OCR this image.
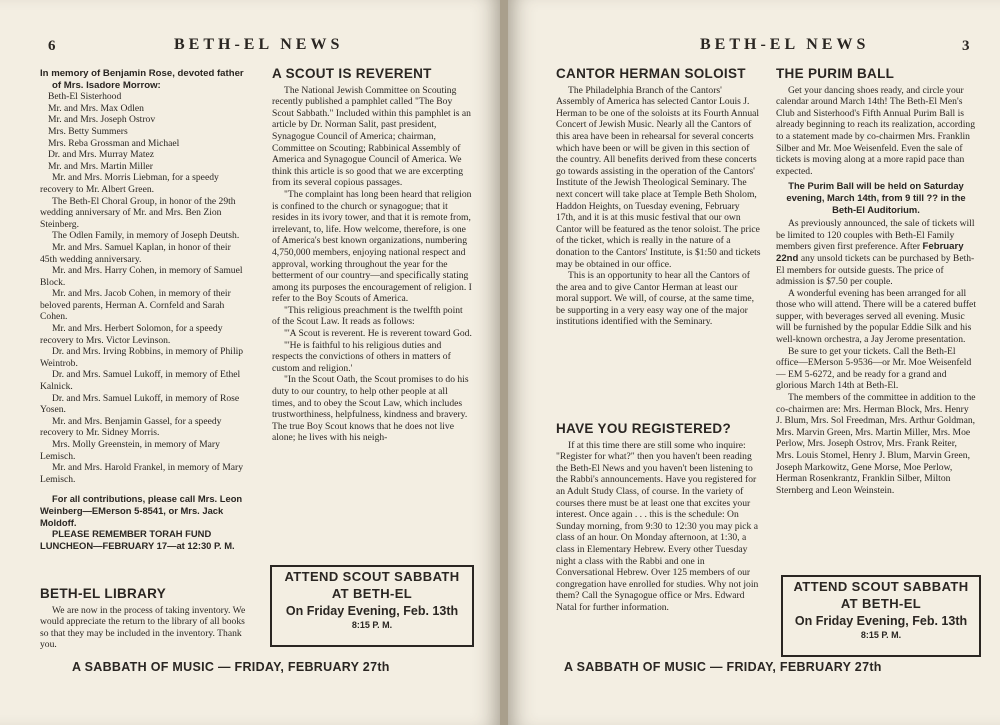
6	BETH-EL NEWS

In memory of Benjamin Rose, devoted father of Mrs. Isadore Morrow:

Beth-El Sisterhood

Mr. and Mrs. Max Odlen

Mr. and Mrs. Joseph Ostrov

Mrs. Betty Summers

Mrs. Reba Grossman and Michael

Dr. and Mrs. Murray Matez

Mr. and Mrs. Martin Miller

Mr. and Mrs. Morris Liebman, for a speedy recovery to Mr. Albert Green.

The Beth-El Choral Group, in honor of the 29th wedding anniversary of Mr. and Mrs. Ben Zion Steinberg.

The Odlen Family, in memory of Joseph Deutsh.

Mr. and Mrs. Samuel Kaplan, in honor of their 45th wedding anniversary.

Mr. and Mrs. Harry Cohen, in memory of Samuel Block.

Mr. and Mrs. Jacob Cohen, in memory of their beloved parents, Herman A. Cornfeld and Sarah Cohen.

Mr. and Mrs. Herbert Solomon, for a speedy recovery to Mrs. Victor Levinson.

Dr. and Mrs. Irving Robbins, in memory of Philip Weintrob.

Dr. and Mrs. Samuel Lukoff, in memory of Ethel Kalnick.

Dr. and Mrs. Samuel Lukoff, in memory of Rose Yosen.

Mr. and Mrs. Benjamin Gassel, for a speedy recovery to Mr. Sidney Morris.

Mrs. Molly Greenstein, in memory of Mary Lemisch.

Mr. and Mrs. Harold Frankel, in memory of Mary Lemisch.

For all contributions, please call Mrs. Leon Weinberg—EMerson 5-8541, or Mrs. Jack Moldoff.

PLEASE REMEMBER TORAH FUND LUNCHEON—FEBRUARY 17—at 12:30 P. M.

BETH-EL LIBRARY

We are now in the process of taking inventory. We would appreciate the return to the library of all books so that they may be included in the inventory. Thank you.

A SCOUT IS REVERENT

The National Jewish Committee on Scouting recently published a pamphlet called "The Boy Scout Sabbath." Included within this pamphlet is an article by Dr. Norman Salit, past president, Synagogue Council of America; chairman, Committee on Scouting; Rabbinical Assembly of America and Synagogue Council of America. We think this article is so good that we are excerpting from its several copious passages.

"The complaint has long been heard that religion is confined to the church or synagogue; that it resides in its ivory tower, and that it is remote from, irrelevant, to, life. How welcome, therefore, is one of America's best known organizations, numbering 4,750,000 members, enjoying national respect and approval, working throughout the year for the betterment of our country—and specifically stating among its purposes the encouragement of religion. I refer to the Boy Scouts of America.

"This religious preachment is the twelfth point of the Scout Law. It reads as follows:

"'A Scout is reverent. He is reverent toward God.

"'He is faithful to his religious duties and respects the convictions of others in matters of custom and religion.'

"In the Scout Oath, the Scout promises to do his duty to our country, to help other people at all times, and to obey the Scout Law, which includes trustworthiness, helpfulness, kindness and bravery. The true Boy Scout knows that he does not live alone; he lives with his neigh-

ATTEND SCOUT SABBATH
AT BETH-EL
On Friday Evening, Feb. 13th
8:15 P. M.
A SABBATH OF MUSIC — FRIDAY, FEBRUARY 27th
BETH-EL NEWS	3
CANTOR HERMAN SOLOIST

The Philadelphia Branch of the Cantors' Assembly of America has selected Cantor Louis J. Herman to be one of the soloists at its Fourth Annual Concert of Jewish Music. Nearly all the Cantors of this area have been in rehearsal for several concerts which have been or will be given in this section of the country. All benefits derived from these concerts go towards assisting in the operation of the Cantors' Institute of the Jewish Theological Seminary. The next concert will take place at Temple Beth Sholom, Haddon Heights, on Tuesday evening, February 17th, and it is at this music festival that our own Cantor will be featured as the tenor soloist. The price of the ticket, which is really in the nature of a donation to the Cantors' Institute, is $1:50 and tickets may be obtained in our office.

This is an opportunity to hear all the Cantors of the area and to give Cantor Herman at least our moral support. We will, of course, at the same time, be supporting in a very easy way one of the major institutions identified with the Seminary.

HAVE YOU REGISTERED?

If at this time there are still some who inquire: "Register for what?" then you haven't been reading the Beth-El News and you haven't been listening to the Rabbi's announcements. Have you registered for an Adult Study Class, of course. In the variety of courses there must be at least one that excites your interest. Once again . . . this is the schedule: On Sunday morning, from 9:30 to 12:30 you may pick a class of an hour. On Monday afternoon, at 1:30, a class in Elementary Hebrew. Every other Tuesday night a class with the Rabbi and one in Conversational Hebrew. Over 125 members of our congregation have enrolled for studies. Why not join them? Call the Synagogue office or Mrs. Edward Natal for further information.

THE PURIM BALL

Get your dancing shoes ready, and circle your calendar around March 14th! The Beth-El Men's Club and Sisterhood's Fifth Annual Purim Ball is already beginning to reach its realization, according to a statement made by co-chairmen Mrs. Franklin Silber and Mr. Moe Weisenfeld. Even the sale of tickets is moving along at a more rapid pace than expected.

The Purim Ball will be held on Saturday evening, March 14th, from 9 till ?? in the Beth-El Auditorium.

As previously announced, the sale of tickets will be limited to 120 couples with Beth-El Family members given first preference. After February 22nd any unsold tickets can be purchased by Beth-El members for outside guests. The price of admission is $7.50 per couple.

A wonderful evening has been arranged for all those who will attend. There will be a catered buffet supper, with beverages served all evening. Music will be furnished by the popular Eddie Silk and his well-known orchestra, a Jay Jerome presentation.

Be sure to get your tickets. Call the Beth-El office—EMerson 5-9536—or Mr. Moe Weisenfeld — EM 5-6272, and be ready for a grand and glorious March 14th at Beth-El.

The members of the committee in addition to the co-chairmen are: Mrs. Herman Block, Mrs. Henry J. Blum, Mrs. Sol Freedman, Mrs. Arthur Goldman, Mrs. Marvin Green, Mrs. Martin Miller, Mrs. Moe Perlow, Mrs. Joseph Ostrov, Mrs. Frank Reiter, Mrs. Louis Stomel, Henry J. Blum, Marvin Green, Joseph Markowitz, Gene Morse, Moe Perlow, Herman Rosenkrantz, Franklin Silber, Milton Sternberg and Leon Weinstein.

ATTEND SCOUT SABBATH
AT BETH-EL
On Friday Evening, Feb. 13th
8:15 P. M.
A SABBATH OF MUSIC — FRIDAY, FEBRUARY 27th
